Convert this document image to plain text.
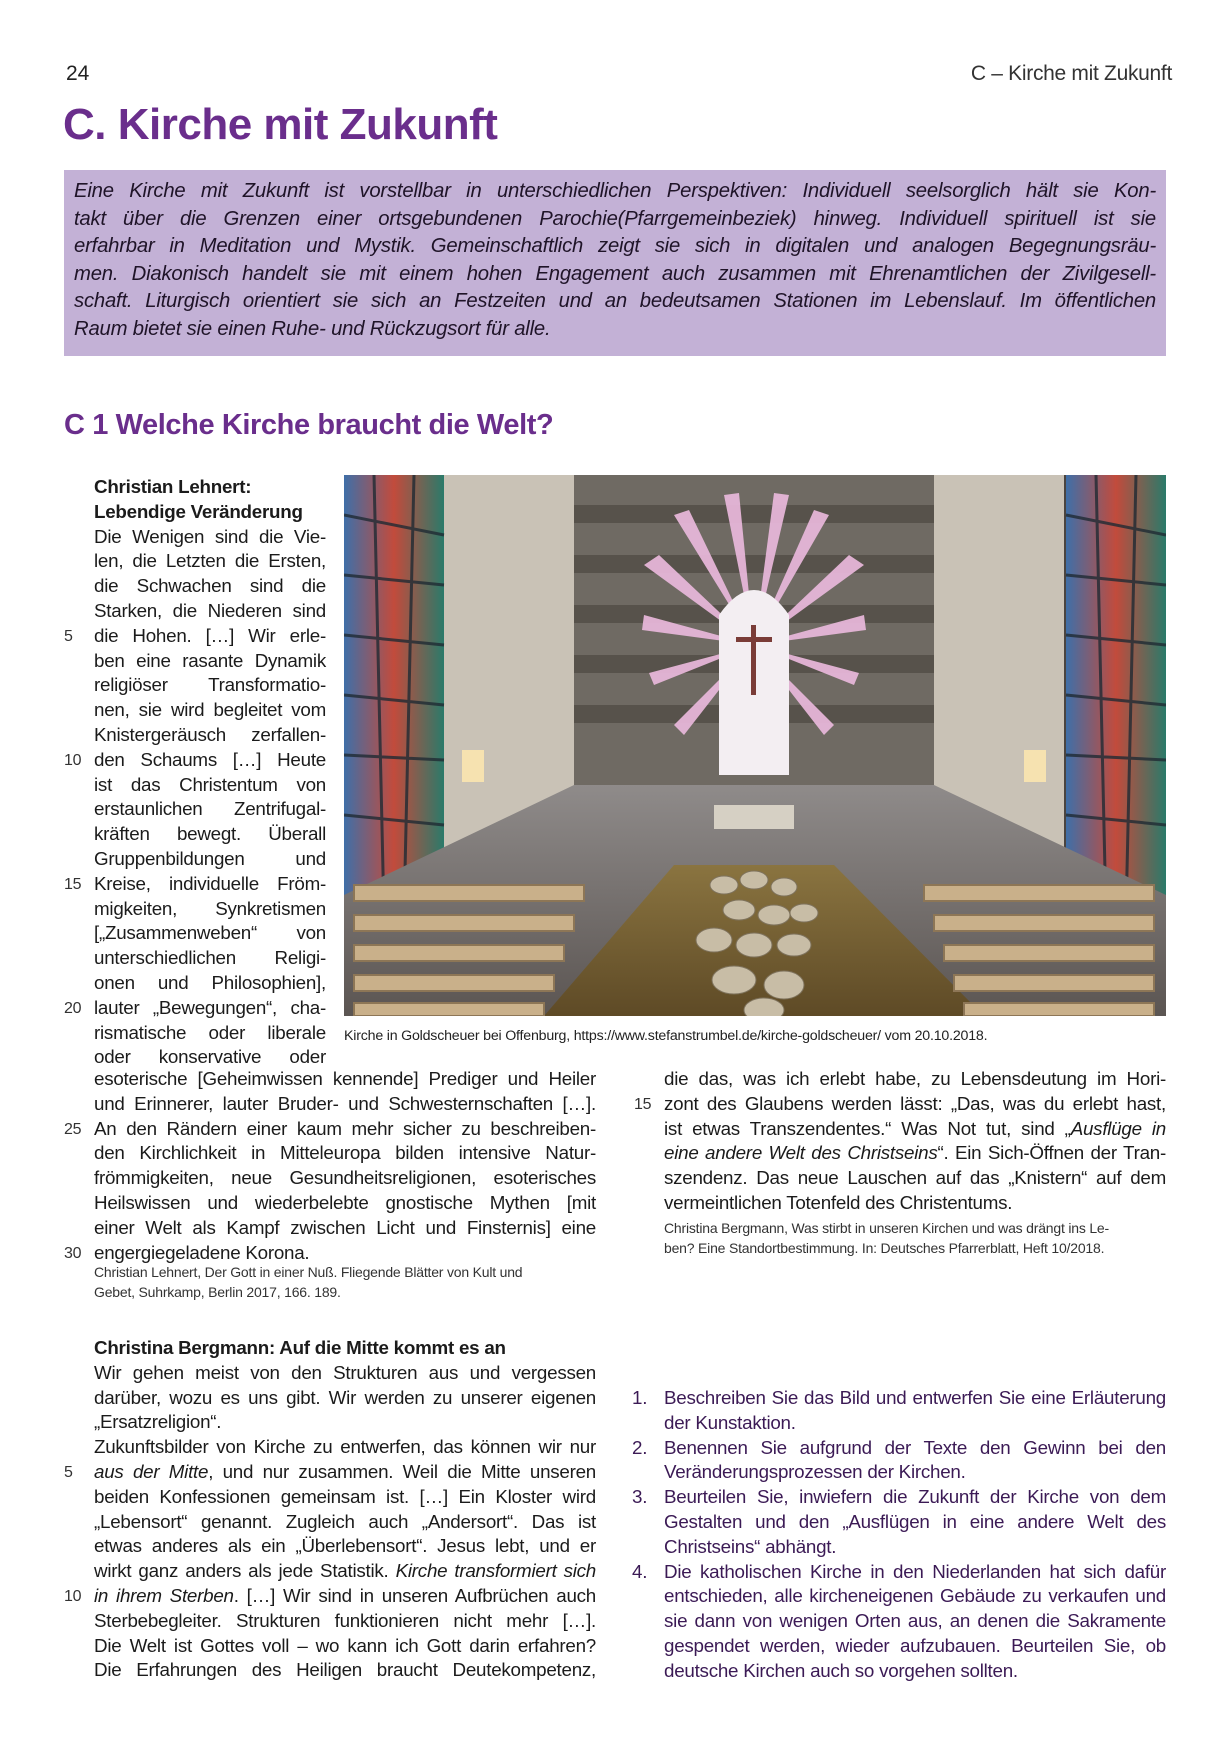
24	C – Kirche mit Zukunft
C. Kirche mit Zukunft

Eine Kirche mit Zukunft ist vorstellbar in unterschiedlichen Perspektiven: Individuell seelsorglich hält sie Kon-
takt über die Grenzen einer ortsgebundenen Parochie(Pfarrgemeinbeziek) hinweg. Individuell spirituell ist sie
erfahrbar in Meditation und Mystik. Gemeinschaftlich zeigt sie sich in digitalen und analogen Begegnungsräu-
men. Diakonisch handelt sie mit einem hohen Engagement auch zusammen mit Ehrenamtlichen der Zivilgesell-
schaft. Liturgisch orientiert sie sich an Festzeiten und an bedeutsamen Stationen im Lebenslauf. Im öffentlichen
Raum bietet sie einen Ruhe- und Rückzugsort für alle.

C 1 Welche Kirche braucht die Welt?
Christian Lehnert:
Lebendige Veränderung
Die Wenigen sind die Vie-
len, die Letzten die Ersten,
die Schwachen sind die
Starken, die Niederen sind
5	die Hohen. […] Wir erle-
ben eine rasante Dynamik
religiöser Transformatio-
nen, sie wird begleitet vom
Knistergeräusch zerfallen-
10 den Schaums […] Heute
ist das Christentum von
erstaunlichen Zentrifugal-
kräften bewegt. Überall
Gruppenbildungen und
15 Kreise, individuelle Fröm-
migkeiten, Synkretismen
[„Zusammenweben“ von
unterschiedlichen Religi-
onen und Philosophien],
20 lauter „Bewegungen“, cha-
rismatische oder liberale
oder konservative oder
Kirche in Goldscheuer bei Offenburg, https://www.stefanstrumbel.de/kirche-goldscheuer/ vom 20.10.2018.
esoterische [Geheimwissen kennende] Prediger und Heiler
und Erinnerer, lauter Bruder- und Schwesternschaften […].
25 An den Rändern einer kaum mehr sicher zu beschreiben-
den Kirchlichkeit in Mitteleuropa bilden intensive Natur-
frömmigkeiten, neue Gesundheitsreligionen, esoterisches
Heilswissen und wiederbelebte gnostische Mythen [mit
einer Welt als Kampf zwischen Licht und Finsternis] eine
30 engergiegeladene Korona.
Christian Lehnert, Der Gott in einer Nuß. Fliegende Blätter von Kult und
Gebet, Suhrkamp, Berlin 2017, 166. 189.
die das, was ich erlebt habe, zu Lebensdeutung im Hori-
15 zont des Glaubens werden lässt: „Das, was du erlebt hast,
ist etwas Transzendentes.“ Was Not tut, sind „Ausflüge in
eine andere Welt des Christseins“. Ein Sich-Öffnen der Tran-
szendenz. Das neue Lauschen auf das „Knistern“ auf dem
vermeintlichen Totenfeld des Christentums.
Christina Bergmann, Was stirbt in unseren Kirchen und was drängt ins Le-
ben? Eine Standortbestimmung. In: Deutsches Pfarrerblatt, Heft 10/2018.
Christina Bergmann: Auf die Mitte kommt es an
Wir gehen meist von den Strukturen aus und vergessen
darüber, wozu es uns gibt. Wir werden zu unserer eigenen
„Ersatzreligion“.
Zukunftsbilder von Kirche zu entwerfen, das können wir nur
5	aus der Mitte, und nur zusammen. Weil die Mitte unseren
beiden Konfessionen gemeinsam ist. […] Ein Kloster wird
„Lebensort“ genannt. Zugleich auch „Andersort“. Das ist
etwas anderes als ein „Überlebensort“. Jesus lebt, und er
wirkt ganz anders als jede Statistik. Kirche transformiert sich
10 in ihrem Sterben. […] Wir sind in unseren Aufbrüchen auch
Sterbebegleiter. Strukturen funktionieren nicht mehr […].
Die Welt ist Gottes voll – wo kann ich Gott darin erfahren?
Die Erfahrungen des Heiligen braucht Deutekompetenz,
1. Beschreiben Sie das Bild und entwerfen Sie eine Erläuterung der Kunstaktion.
2. Benennen Sie aufgrund der Texte den Gewinn bei den Veränderungsprozessen der Kirchen.
3. Beurteilen Sie, inwiefern die Zukunft der Kirche von dem Gestalten und den „Ausflügen in eine andere Welt des Christseins“ abhängt.
4. Die katholischen Kirche in den Niederlanden hat sich dafür entschieden, alle kircheneigenen Gebäude zu verkaufen und sie dann von wenigen Orten aus, an denen die Sakramente gespendet werden, wieder aufzubauen. Beurteilen Sie, ob deutsche Kirchen auch so vorgehen sollten.
